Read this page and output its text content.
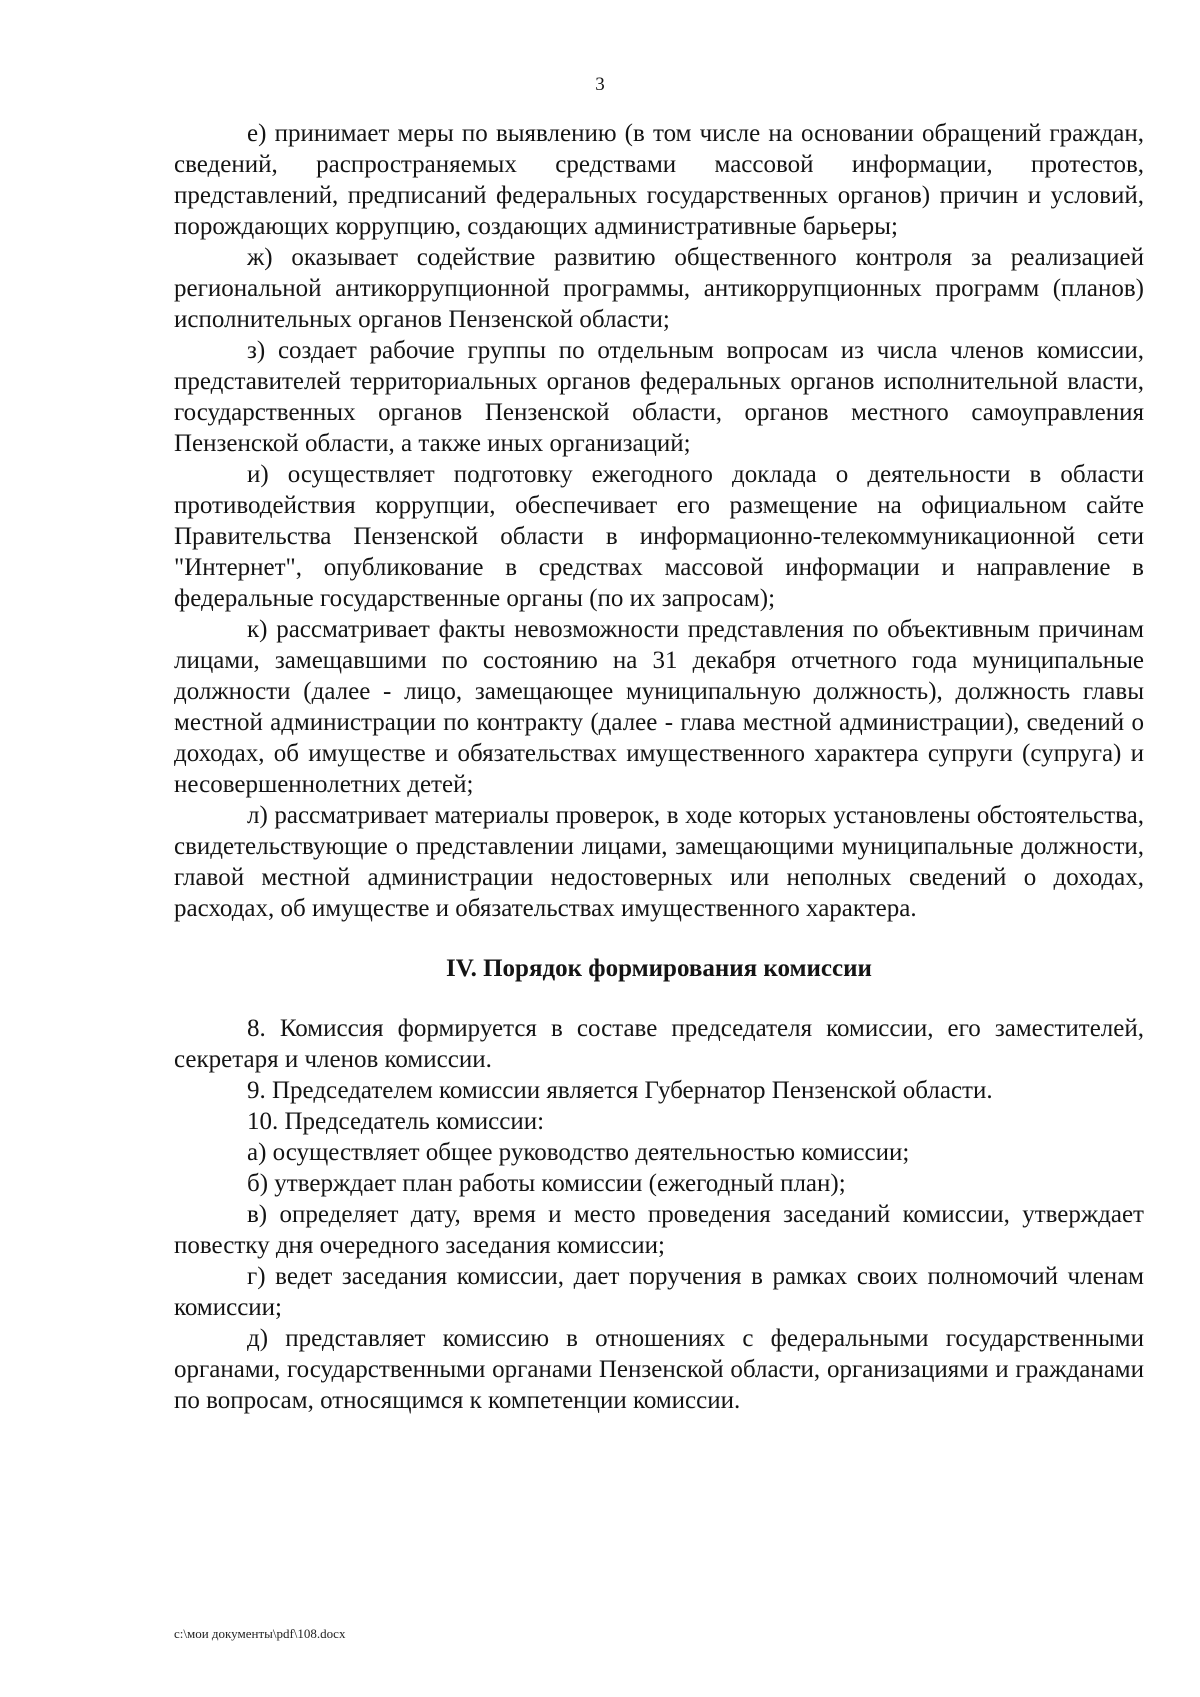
3

е) принимает меры по выявлению (в том числе на основании обращений граждан, сведений, распространяемых средствами массовой информации, протестов, представлений, предписаний федеральных государственных органов) причин и условий, порождающих коррупцию, создающих административные барьеры;

ж) оказывает содействие развитию общественного контроля за реализацией региональной антикоррупционной программы, антикоррупционных программ (планов) исполнительных органов Пензенской области;

з) создает рабочие группы по отдельным вопросам из числа членов комиссии, представителей территориальных органов федеральных органов исполнительной власти, государственных органов Пензенской области, органов местного самоуправления Пензенской области, а также иных организаций;

и) осуществляет подготовку ежегодного доклада о деятельности в области противодействия коррупции, обеспечивает его размещение на официальном сайте Правительства Пензенской области в информационно-телекоммуникационной сети "Интернет", опубликование в средствах массовой информации и направление в федеральные государственные органы (по их запросам);

к) рассматривает факты невозможности представления по объективным причинам лицами, замещавшими по состоянию на 31 декабря отчетного года муниципальные должности (далее - лицо, замещающее муниципальную должность), должность главы местной администрации по контракту (далее - глава местной администрации), сведений о доходах, об имуществе и обязательствах имущественного характера супруги (супруга) и несовершеннолетних детей;

л) рассматривает материалы проверок, в ходе которых установлены обстоятельства, свидетельствующие о представлении лицами, замещающими муниципальные должности, главой местной администрации недостоверных или неполных сведений о доходах, расходах, об имуществе и обязательствах имущественного характера.

IV. Порядок формирования комиссии

8. Комиссия формируется в составе председателя комиссии, его заместителей, секретаря и членов комиссии.

9. Председателем комиссии является Губернатор Пензенской области.

10. Председатель комиссии:

а) осуществляет общее руководство деятельностью комиссии;

б) утверждает план работы комиссии (ежегодный план);

в) определяет дату, время и место проведения заседаний комиссии, утверждает повестку дня очередного заседания комиссии;

г) ведет заседания комиссии, дает поручения в рамках своих полномочий членам комиссии;

д) представляет комиссию в отношениях с федеральными государственными органами, государственными органами Пензенской области, организациями и гражданами по вопросам, относящимся к компетенции комиссии.

c:\мои документы\pdf\108.docx
